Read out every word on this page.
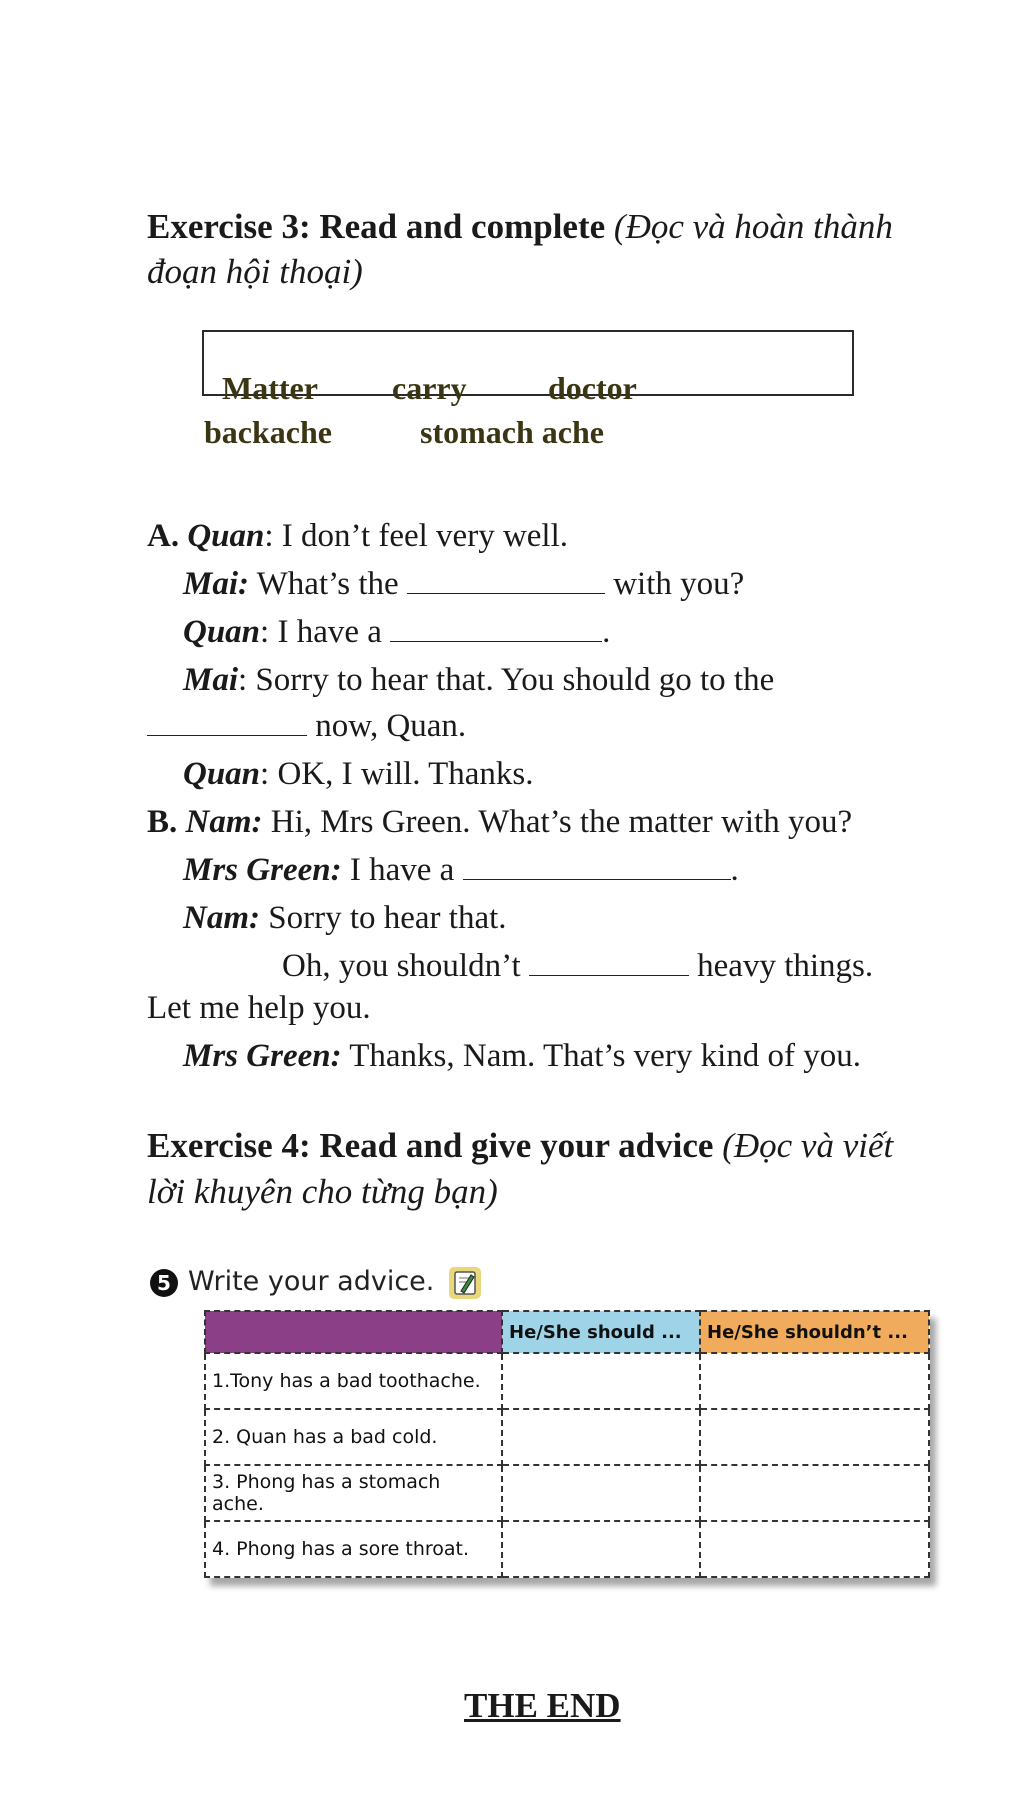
Exercise 3: Read and complete (Đọc và hoàn thành
đoạn hội thoại)
Matter carry	doctor
backache	stomach ache
A. Quan: I don’t feel very well.
Mai: What’s the	with you?
Quan: I have a	.
Mai: Sorry to hear that. You should go to the
now, Quan.
Quan: OK, I will. Thanks.
B. Nam: Hi, Mrs Green. What’s the matter with you?
Mrs Green: I have a	.
Nam: Sorry to hear that.
Oh, you shouldn’t	heavy things.
Let me help you.
Mrs Green: Thanks, Nam. That’s very kind of you.
Exercise 4: Read and give your advice (Đọc và viết
lời khuyên cho từng bạn)
5 Write your advice.
	He/She should ...	He/She shouldn’t ...
1.Tony has a bad toothache.		
2. Quan has a bad cold.		
3. Phong has a stomach ache.		
4. Phong has a sore throat.		
THE END
